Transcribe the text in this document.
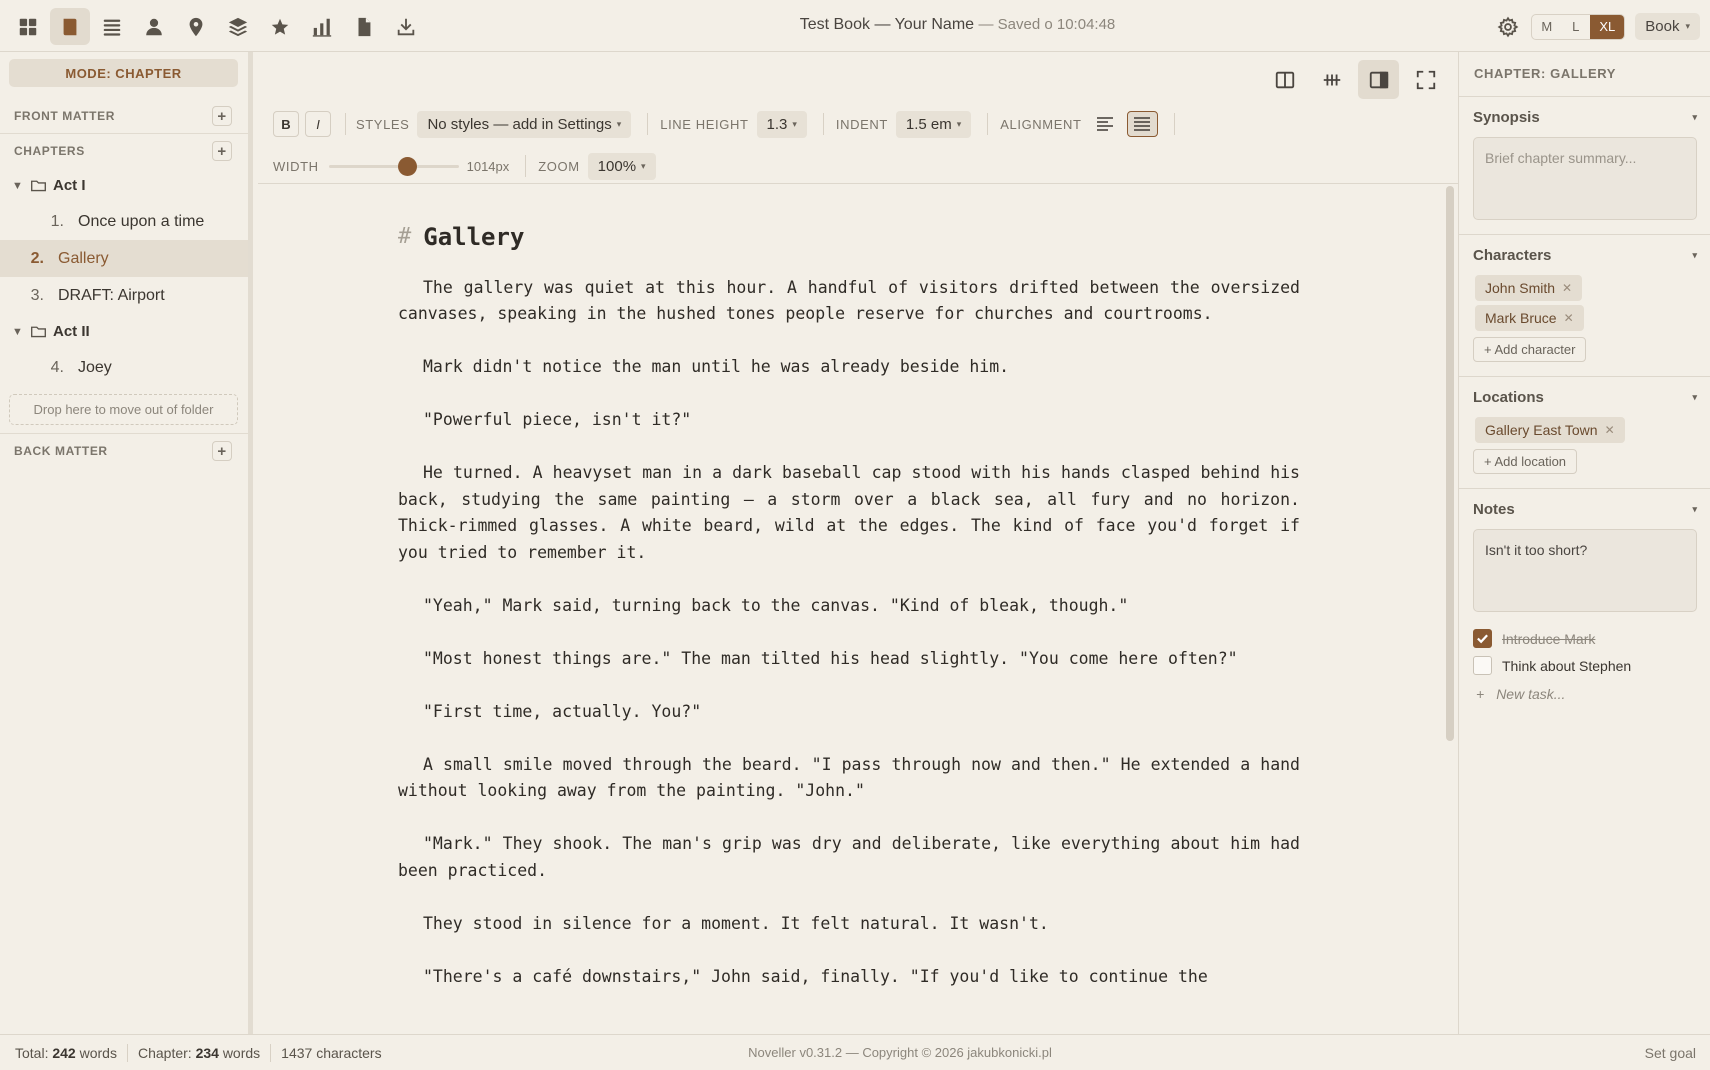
Test Book — Your Name — Saved o 10:04:48	M	L	XL	Book ▾
MODE: CHAPTER
FRONT MATTER	+
CHAPTERS	+
▼ Act I
1. Once upon a time
2. Gallery
3. DRAFT: Airport
▼ Act II
4. Joey
Drop here to move out of folder
BACK MATTER	+
B	I	STYLES No styles — add in Settings ▾	LINE HEIGHT 1.3 ▾	INDENT 1.5 em ▾	ALIGNMENT
WIDTH	1014px ZOOM 100% ▾
# Gallery

The gallery was quiet at this hour. A handful of visitors drifted between the oversized canvases, speaking in the hushed tones people reserve for churches and courtrooms.

Mark didn't notice the man until he was already beside him.

"Powerful piece, isn't it?"

He turned. A heavyset man in a dark baseball cap stood with his hands clasped behind his back, studying the same painting — a storm over a black sea, all fury and no horizon. Thick-rimmed glasses. A white beard, wild at the edges. The kind of face you'd forget if you tried to remember it.

"Yeah," Mark said, turning back to the canvas. "Kind of bleak, though."

"Most honest things are." The man tilted his head slightly. "You come here often?"

"First time, actually. You?"

A small smile moved through the beard. "I pass through now and then." He extended a hand without looking away from the painting. "John."

"Mark." They shook. The man's grip was dry and deliberate, like everything about him had been practiced.

They stood in silence for a moment. It felt natural. It wasn't.

"There's a café downstairs," John said, finally. "If you'd like to continue the

CHAPTER: GALLERY
Synopsis	▾
Brief chapter summary...
Characters	▾
John Smith ✕
Mark Bruce ✕
+ Add character
Locations	▾
Gallery East Town ✕
+ Add location
Notes	▾
Isn't it too short?
Introduce Mark
Think about Stephen
+ New task...
Total:
242
words Chapter:
234
words 1437 characters	Noveller v0.31.2 — Copyright © 2026 jakubkonicki.pl	Set goal
